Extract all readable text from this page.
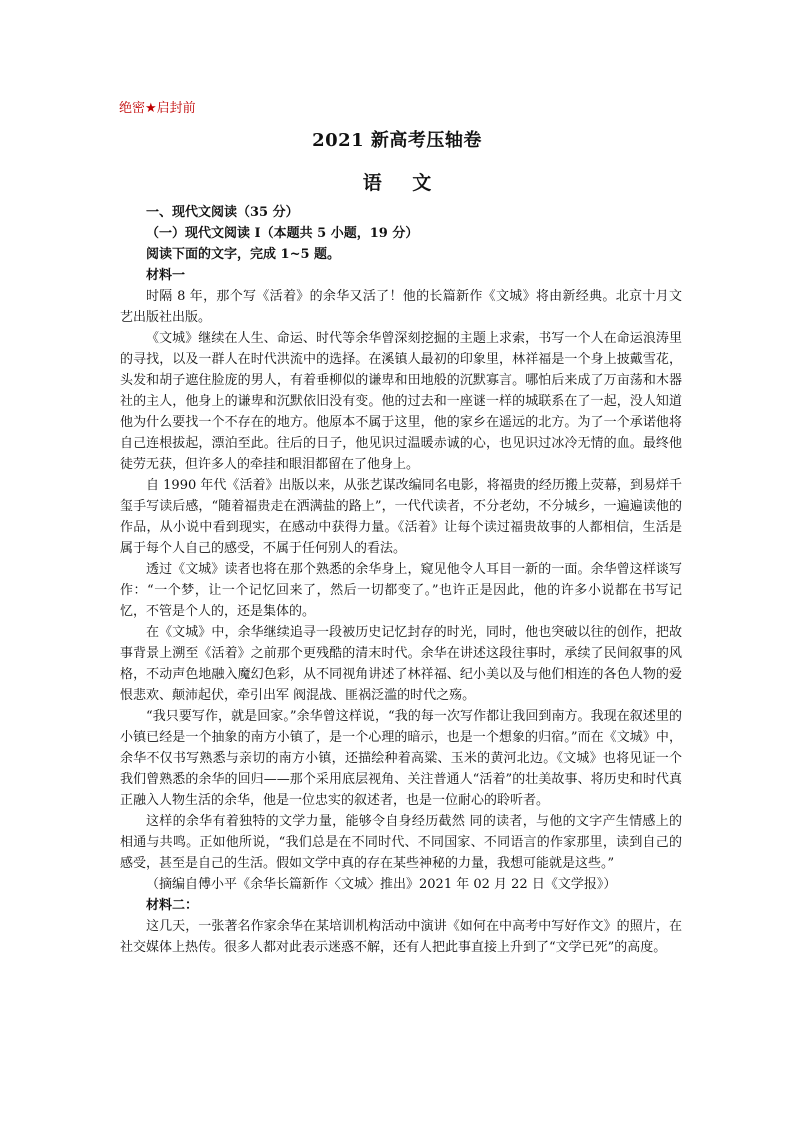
绝密★启封前
2021 新高考压轴卷
语 文

一、现代文阅读（35 分）

（一）现代文阅读 I（本题共 5 小题，19 分）

阅读下面的文字，完成 1~5 题。

材料一

时隔 8 年，那个写《活着》的余华又活了！他的长篇新作《文城》将由新经典。北京十月文艺出版社出版。

《文城》继续在人生、命运、时代等余华曾深刻挖掘的主题上求索，书写一个人在命运浪涛里的寻找，以及一群人在时代洪流中的选择。在溪镇人最初的印象里，林祥福是一个身上披戴雪花，头发和胡子遮住脸庞的男人，有着垂柳似的谦卑和田地般的沉默寡言。哪怕后来成了万亩荡和木器社的主人，他身上的谦卑和沉默依旧没有变。他的过去和一座谜一样的城联系在了一起，没人知道他为什么要找一个不存在的地方。他原本不属于这里，他的家乡在遥远的北方。为了一个承诺他将自己连根拔起，漂泊至此。往后的日子，他见识过温暖赤诚的心，也见识过冰冷无情的血。最终他徒劳无获，但许多人的牵挂和眼泪都留在了他身上。

自 1990 年代《活着》出版以来，从张艺谋改编同名电影，将福贵的经历搬上荧幕，到易烊千玺手写读后感，“随着福贵走在洒满盐的路上”，一代代读者，不分老幼，不分城乡，一遍遍读他的作品，从小说中看到现实，在感动中获得力量。《活着》让每个读过福贵故事的人都相信，生活是属于每个人自己的感受，不属于任何别人的看法。

透过《文城》读者也将在那个熟悉的余华身上，窥见他令人耳目一新的一面。余华曾这样谈写作：“一个梦，让一个记忆回来了，然后一切都变了。”也许正是因此，他的许多小说都在书写记忆，不管是个人的，还是集体的。

在《文城》中，余华继续追寻一段被历史记忆封存的时光，同时，他也突破以往的创作，把故事背景上溯至《活着》之前那个更残酷的清末时代。余华在讲述这段往事时，承续了民间叙事的风格，不动声色地融入魔幻色彩，从不同视角讲述了林祥福、纪小美以及与他们相连的各色人物的爱恨悲欢、颠沛起伏，牵引出军 阀混战、匪祸泛滥的时代之殇。

“我只要写作，就是回家。”余华曾这样说，“我的每一次写作都让我回到南方。我现在叙述里的小镇已经是一个抽象的南方小镇了，是一个心理的暗示，也是一个想象的归宿。”而在《文城》中，余华不仅书写熟悉与亲切的南方小镇，还描绘种着高粱、玉米的黄河北边。《文城》也将见证一个我们曾熟悉的余华的回归——那个采用底层视角、关注普通人“活着”的壮美故事、将历史和时代真正融入人物生活的余华，他是一位忠实的叙述者，也是一位耐心的聆听者。

这样的余华有着独特的文学力量，能够令自身经历截然 同的读者，与他的文字产生情感上的相通与共鸣。正如他所说，“我们总是在不同时代、不同国家、不同语言的作家那里，读到自己的感受，甚至是自己的生活。假如文学中真的存在某些神秘的力量，我想可能就是这些。”

（摘编自傅小平《余华长篇新作〈文城〉推出》2021 年 02 月 22 日《文学报》）

材料二：

这几天，一张著名作家余华在某培训机构活动中演讲《如何在中高考中写好作文》的照片，在社交媒体上热传。很多人都对此表示迷惑不解，还有人把此事直接上升到了“文学已死”的高度。
